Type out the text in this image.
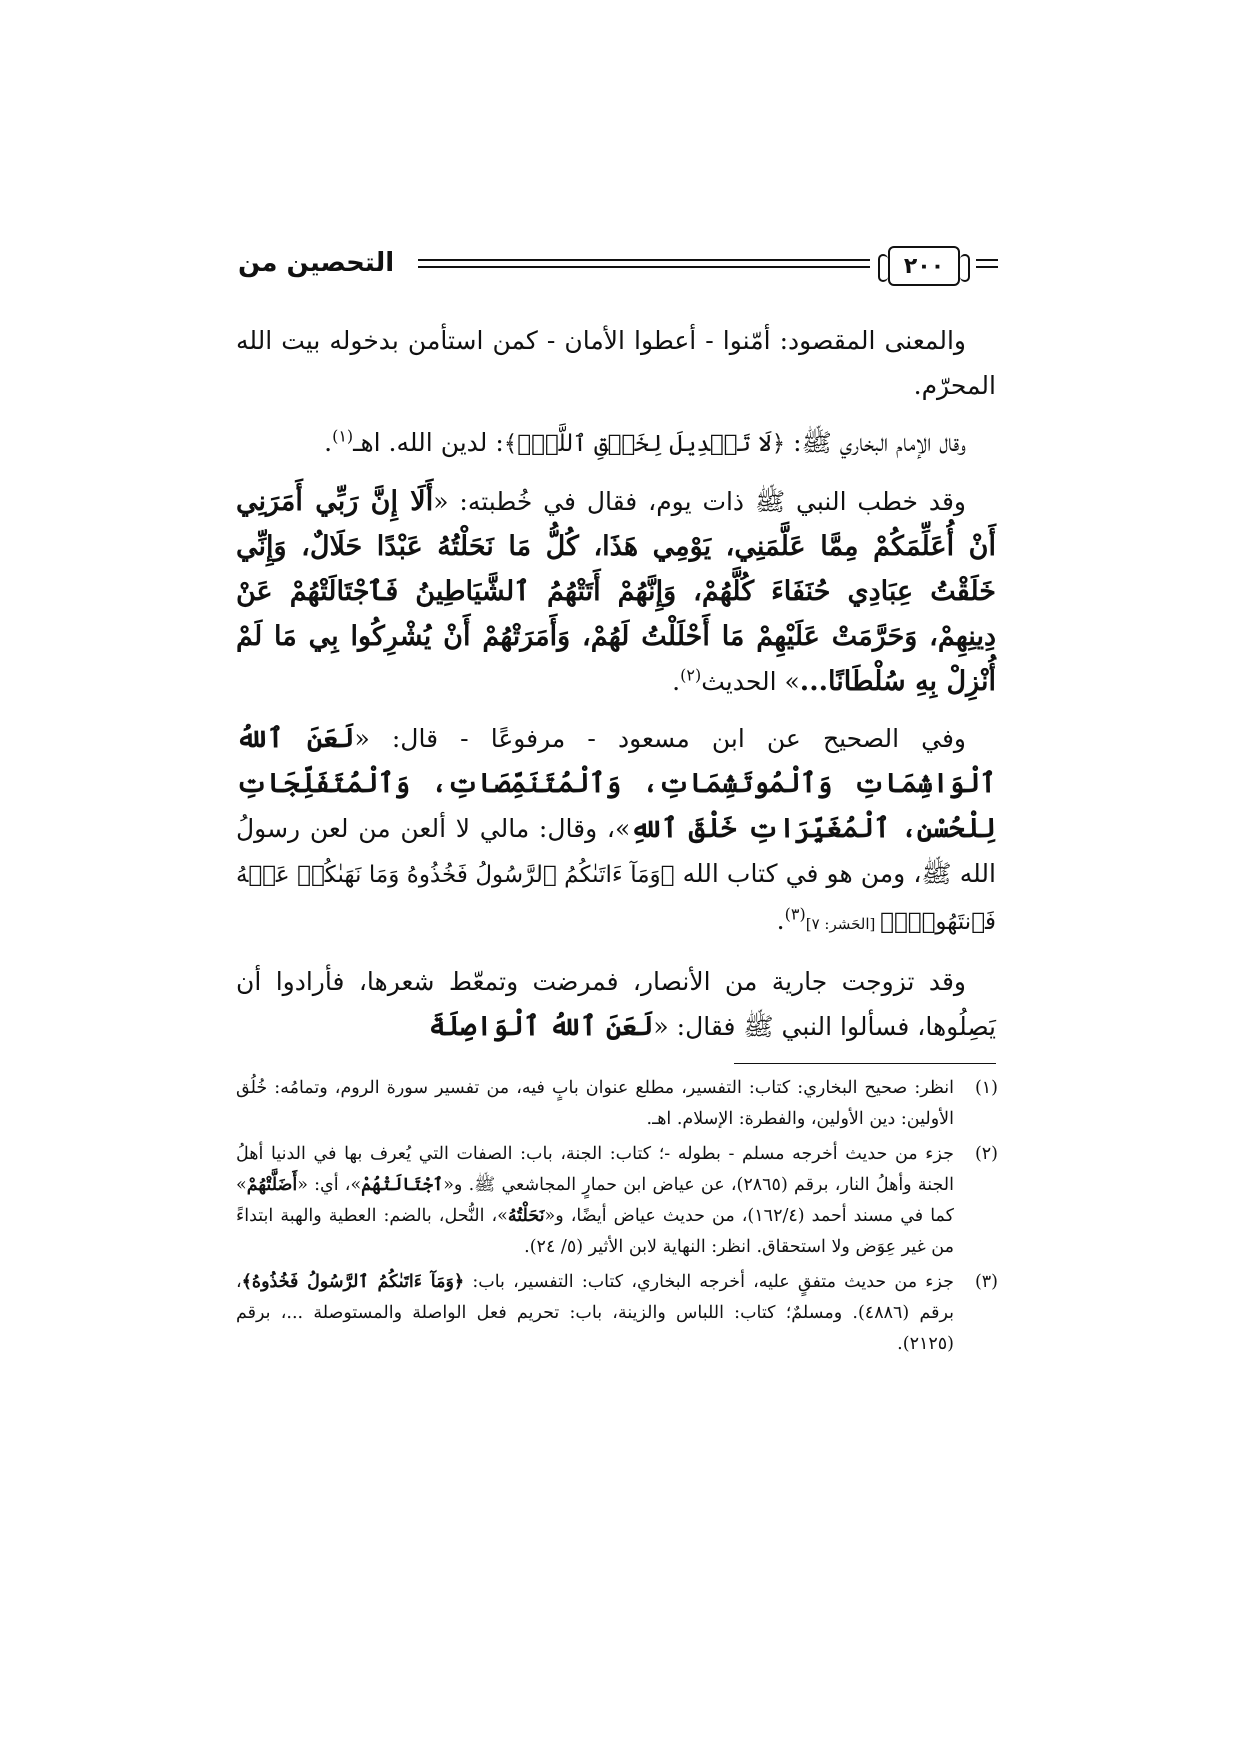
٢٠٠
التحصين من

والمعنى المقصود: أمّنوا - أعطوا الأمان - كمن استأمن بدخوله بيت الله المحرّم.

وقال الإمام البخاري ﷺ: ﴿لَا تَبۡدِيلَ لِخَلۡقِ ٱللَّهِۚ﴾: لدين الله. اهـ$^{(١)}$.

وقد خطب النبي ﷺ ذات يوم، فقال في خُطبته: «أَلَا إِنَّ رَبِّي أَمَرَنِي أَنْ أُعَلِّمَكُمْ مِمَّا عَلَّمَنِي، يَوْمِي هَذَا، كُلُّ مَا نَحَلْتُهُ عَبْدًا حَلَالٌ، وَإِنِّي خَلَقْتُ عِبَادِي حُنَفَاءَ كُلَّهُمْ، وَإِنَّهُمْ أَتَتْهُمُ ٱلشَّيَاطِينُ فَٱجْتَالَتْهُمْ عَنْ دِينِهِمْ، وَحَرَّمَتْ عَلَيْهِمْ مَا أَحْلَلْتُ لَهُمْ، وَأَمَرَتْهُمْ أَنْ يُشْرِكُوا بِي مَا لَمْ أُنْزِلْ بِهِ سُلْطَانًا...» الحديث$^{(٢)}$.

وفي الصحيح عن ابن مسعود - مرفوعًا - قال: «لَعَنَ ٱللهُ ٱلْوَاشِمَاتِ وَٱلْمُوتَشِمَاتِ، وَٱلْمُتَنَمِّصَاتِ، وَٱلْمُتَفَلِّجَاتِ لِلْحُسْنِ، ٱلْمُغَيِّرَاتِ خَلْقَ ٱللهِ»، وقال: مالي لا ألعن من لعن رسولُ الله ﷺ، ومن هو في كتاب الله ﴿وَمَآ ءَاتَىٰكُمُ ٱلرَّسُولُ فَخُذُوهُ وَمَا نَهَىٰكُمۡ عَنۡهُ فَٱنتَهُواْۚ﴾ [الحَشر: ٧]$^{(٣)}$.

وقد تزوجت جارية من الأنصار، فمرضت وتمعّط شعرها، فأرادوا أن يَصِلُوها، فسألوا النبي ﷺ فقال: «لَعَنَ ٱللهُ ٱلْوَاصِلَةَ

(١)
انظر: صحيح البخاري: كتاب: التفسير، مطلع عنوان بابٍ فيه، من تفسير سورة الروم، وتمامُه: خُلُق الأولين: دين الأولين، والفطرة: الإسلام. اهـ.
(٢)
جزء من حديث أخرجه مسلم - بطوله -؛ كتاب: الجنة، باب: الصفات التي يُعرف بها في الدنيا أهلُ الجنة وأهلُ النار، برقم (٢٨٦٥)، عن عياض ابن حمارٍ المجاشعي ﷺ. و«ٱجْتَالَتْهُمْ»، أي: «أَضَلَّتْهُمْ» كما في مسند أحمد (١٦٢/٤)، من حديث عياض أيضًا، و«نَحَلْتُهُ»، النُّحل، بالضم: العطية والهبة ابتداءً من غير عِوَض ولا استحقاق. انظر: النهاية لابن الأثير (٥/ ٢٤).
(٣)
جزء من حديث متفقٍ عليه، أخرجه البخاري، كتاب: التفسير، باب: ﴿وَمَآ ءَاتَىٰكُمُ ٱلرَّسُولُ فَخُذُوهُ﴾، برقم (٤٨٨٦). ومسلمٌ؛ كتاب: اللباس والزينة، باب: تحريم فعل الواصلة والمستوصلة ...، برقم (٢١٢٥).
